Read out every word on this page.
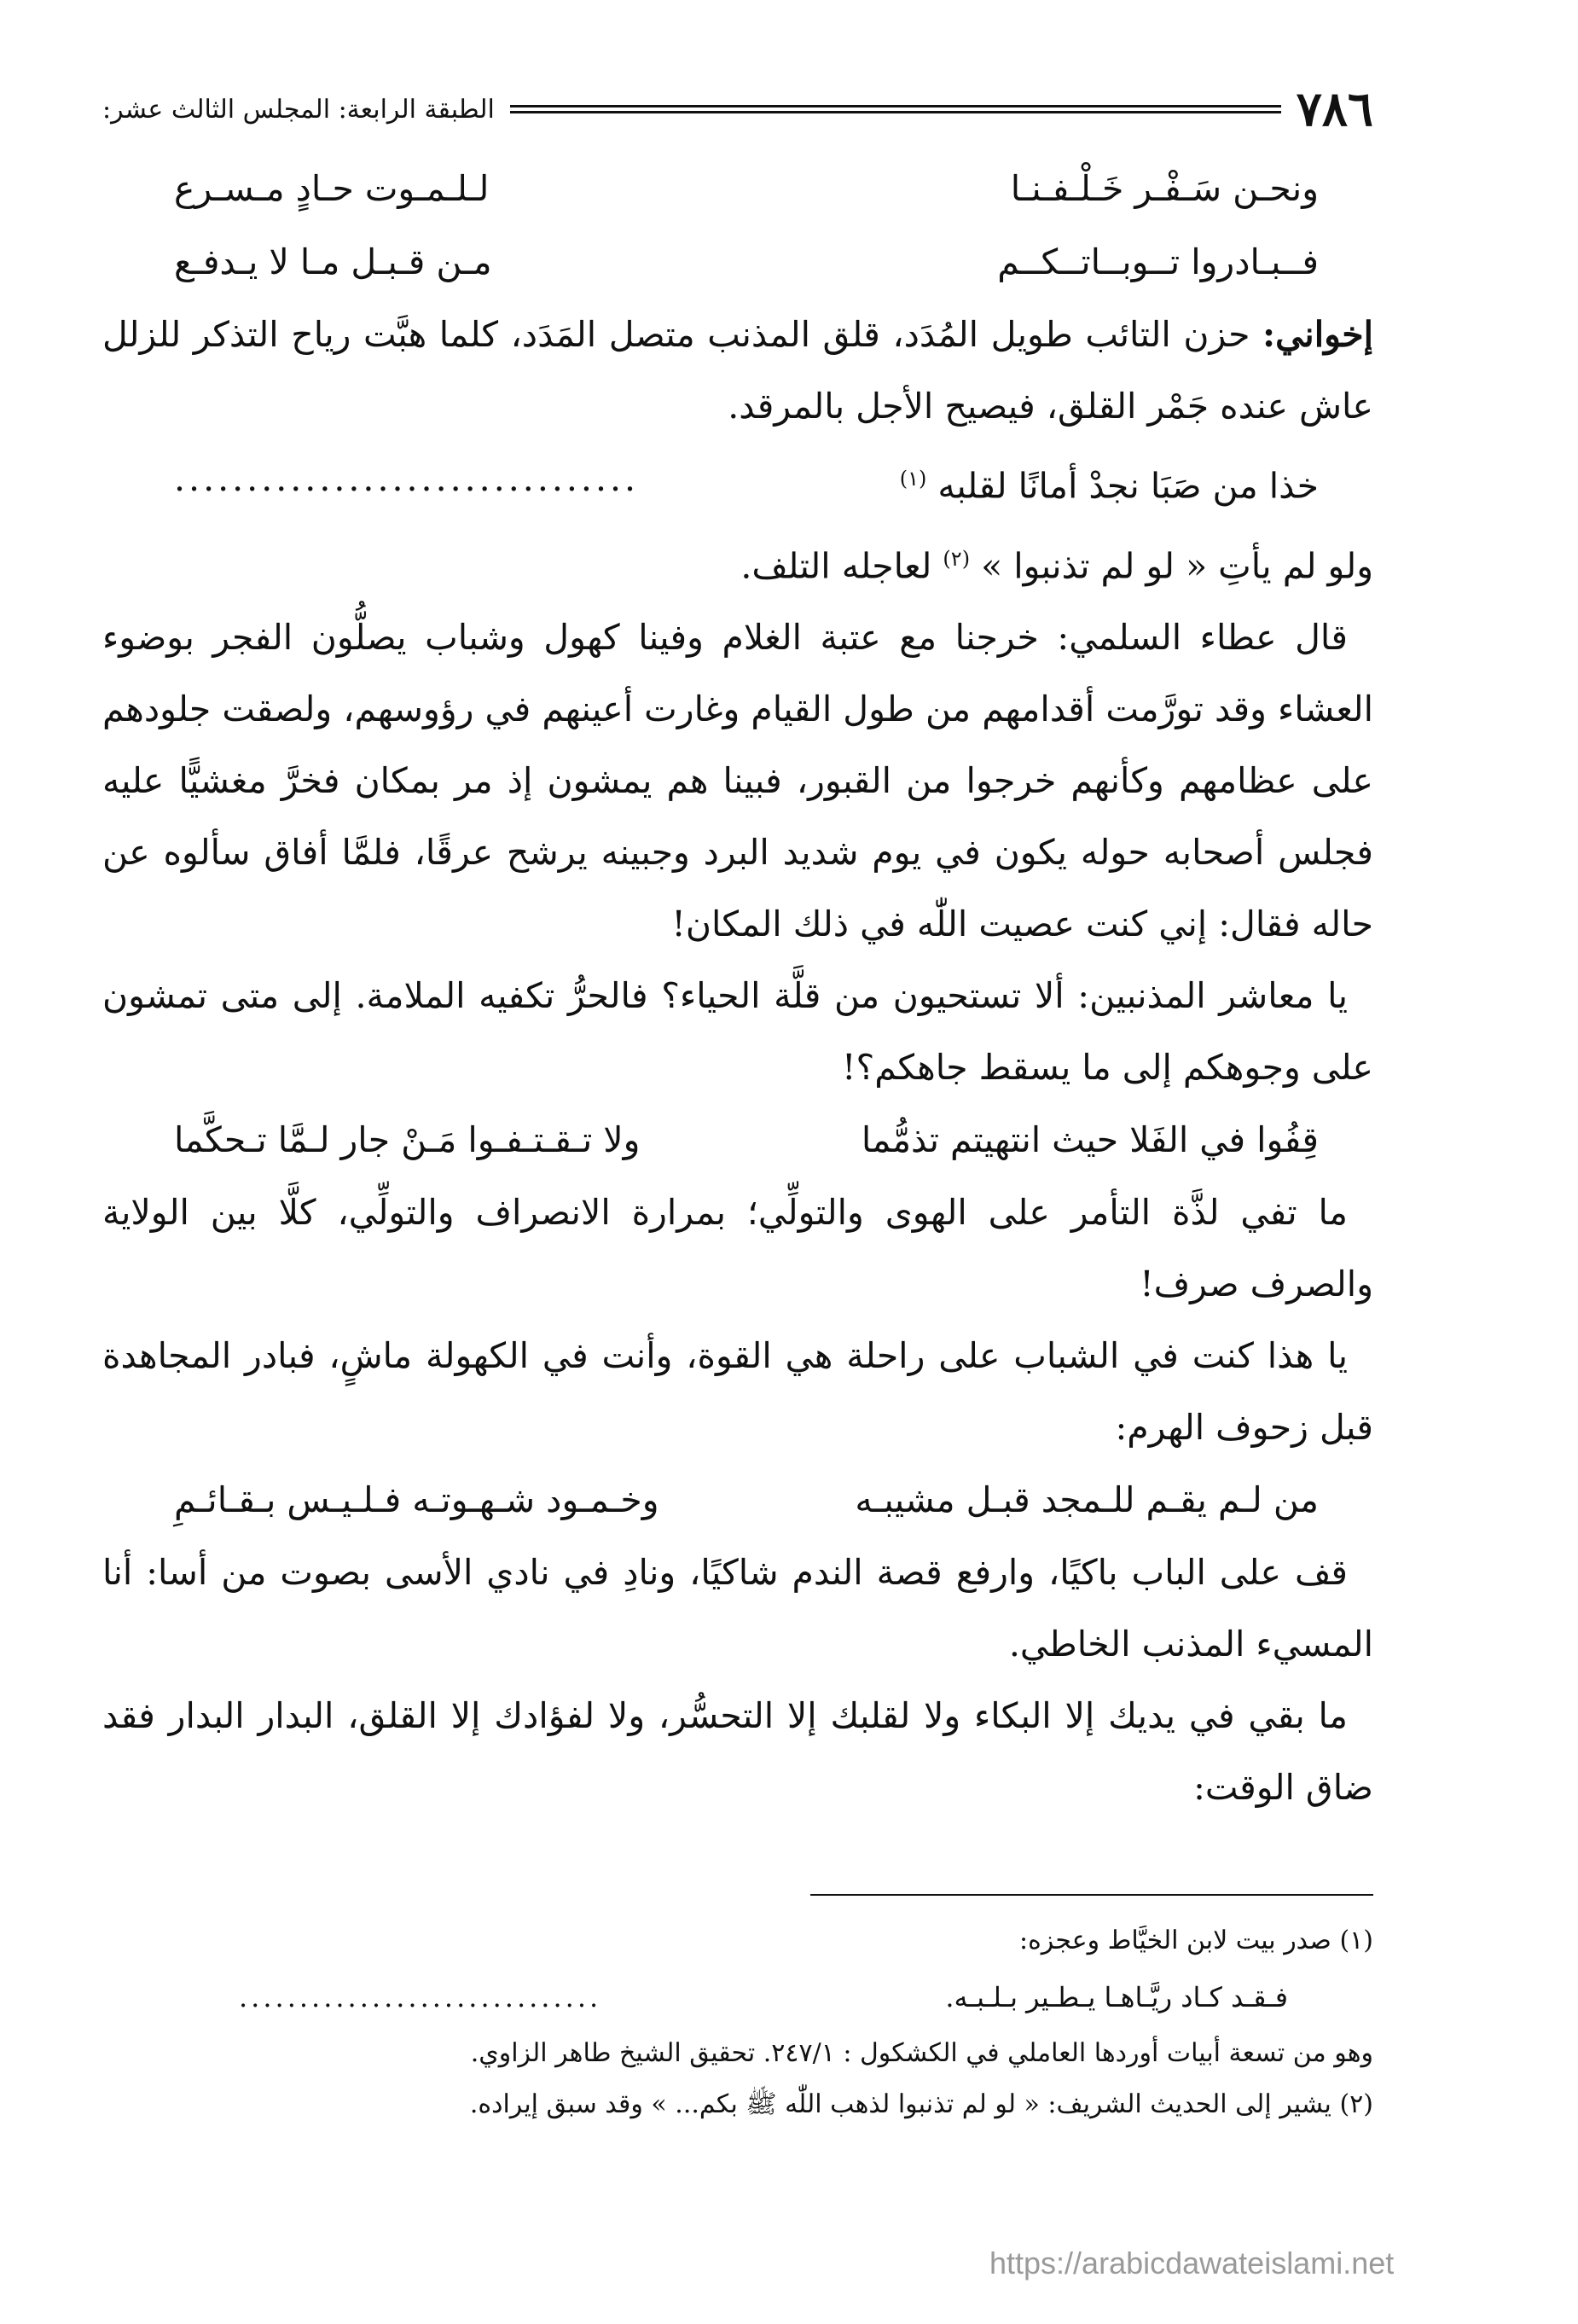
٧٨٦
الطبقة الرابعة: المجلس الثالث عشر:
ونحـن سَـفْـر خَـلْـفـنـا
لـلـمـوت حـادٍ مـسـرع
فــبـادروا تــوبــاتــكــم
مـن قـبـل مـا لا يـدفـع

إخواني: حزن التائب طويل المُدَد، قلق المذنب متصل المَدَد، كلما هبَّت رياح التذكر للزلل عاش عنده جَمْر القلق، فيصيح الأجل بالمرقد.

خذا من صَبَا نجدْ أمانًا لقلبه $^{(١)}$
................................

ولو لم يأتِ « لو لم تذنبوا » $^{(٢)}$ لعاجله التلف.

قال عطاء السلمي: خرجنا مع عتبة الغلام وفينا كهول وشباب يصلُّون الفجر بوضوء العشاء وقد تورَّمت أقدامهم من طول القيام وغارت أعينهم في رؤوسهم، ولصقت جلودهم على عظامهم وكأنهم خرجوا من القبور، فبينا هم يمشون إذ مر بمكان فخرَّ مغشيًّا عليه فجلس أصحابه حوله يكون في يوم شديد البرد وجبينه يرشح عرقًا، فلمَّا أفاق سألوه عن حاله فقال: إني كنت عصيت اللّٰه في ذلك المكان!

يا معاشر المذنبين: ألا تستحيون من قلَّة الحياء؟ فالحرُّ تكفيه الملامة. إلى متى تمشون على وجوهكم إلى ما يسقط جاهكم؟!

قِفُوا في الفَلا حيث انتهيتم تذمُّما
ولا تـقـتـفـوا مَـنْ جار لـمَّا تـحكَّما

ما تفي لذَّة التأمر على الهوى والتولِّي؛ بمرارة الانصراف والتولِّي، كلَّا بين الولاية والصرف صرف!

يا هذا كنت في الشباب على راحلة هي القوة، وأنت في الكهولة ماشٍ، فبادر المجاهدة قبل زحوف الهرم:

من لـم يقـم للـمجد قبـل مشيبـه
وخـمـود شـهـوتـه فـلـيـس بـقـائـمِ

قف على الباب باكيًا، وارفع قصة الندم شاكيًا، ونادِ في نادي الأسى بصوت من أسا: أنا المسيء المذنب الخاطي.

ما بقي في يديك إلا البكاء ولا لقلبك إلا التحسُّر، ولا لفؤادك إلا القلق، البدار البدار فقد ضاق الوقت:

(١) صدر بيت لابن الخيَّاط وعجزه:
فـقـد كـاد ريَّـاهـا يـطـير بـلـبـه.
..............................
وهو من تسعة أبيات أوردها العاملي في الكشكول : ٢٤٧/١. تحقيق الشيخ طاهر الزاوي.
(٢) يشير إلى الحديث الشريف: « لو لم تذنبوا لذهب اللّٰه ﷺ بكم... » وقد سبق إيراده.
https://arabicdawateislami.net
